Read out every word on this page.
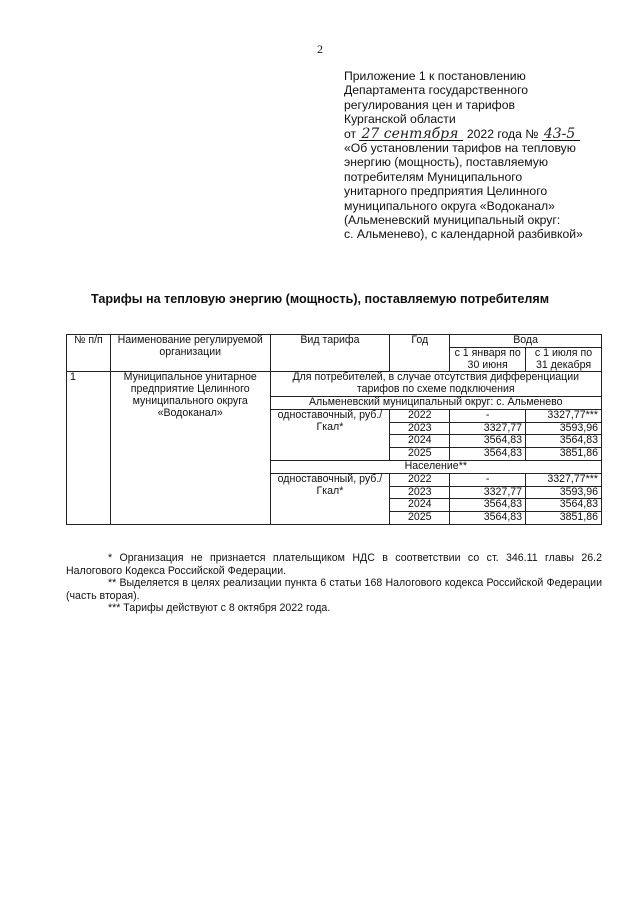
2
Приложение 1 к постановлению
Департамента государственного
регулирования цен и тарифов
Курганской области
от 27 сентября 2022 года № 43-5
«Об установлении тарифов на тепловую
энергию (мощность), поставляемую
потребителям Муниципального
унитарного предприятия Целинного
муниципального округа «Водоканал»
(Альменевский муниципальный округ:
с. Альменево), с календарной разбивкой»
Тарифы на тепловую энергию (мощность), поставляемую потребителям
№ п/п	Наименование регулируемой организации	Вид тарифа	Год	Вода	
				с 1 января по 30 июня	с 1 июля по 31 декабря
1	Муниципальное унитарное предприятие Целинного муниципального округа «Водоканал»	Для потребителей, в случае отсутствия дифференциации тарифов по схеме подключения			
		Альменевский муниципальный округ: с. Альменево			
		одноставочный, руб./Гкал*	2022	-	3327,77***
			2023	3327,77	3593,96
			2024	3564,83	3564,83
			2025	3564,83	3851,86
		Население**			
		одноставочный, руб./Гкал*	2022	-	3327,77***
			2023	3327,77	3593,96
			2024	3564,83	3564,83
			2025	3564,83	3851,86

* Организация не признается плательщиком НДС в соответствии со ст. 346.11 главы 26.2 Налогового Кодекса Российской Федерации.

** Выделяется в целях реализации пункта 6 статьи 168 Налогового кодекса Российской Федерации (часть вторая).

*** Тарифы действуют с 8 октября 2022 года.
